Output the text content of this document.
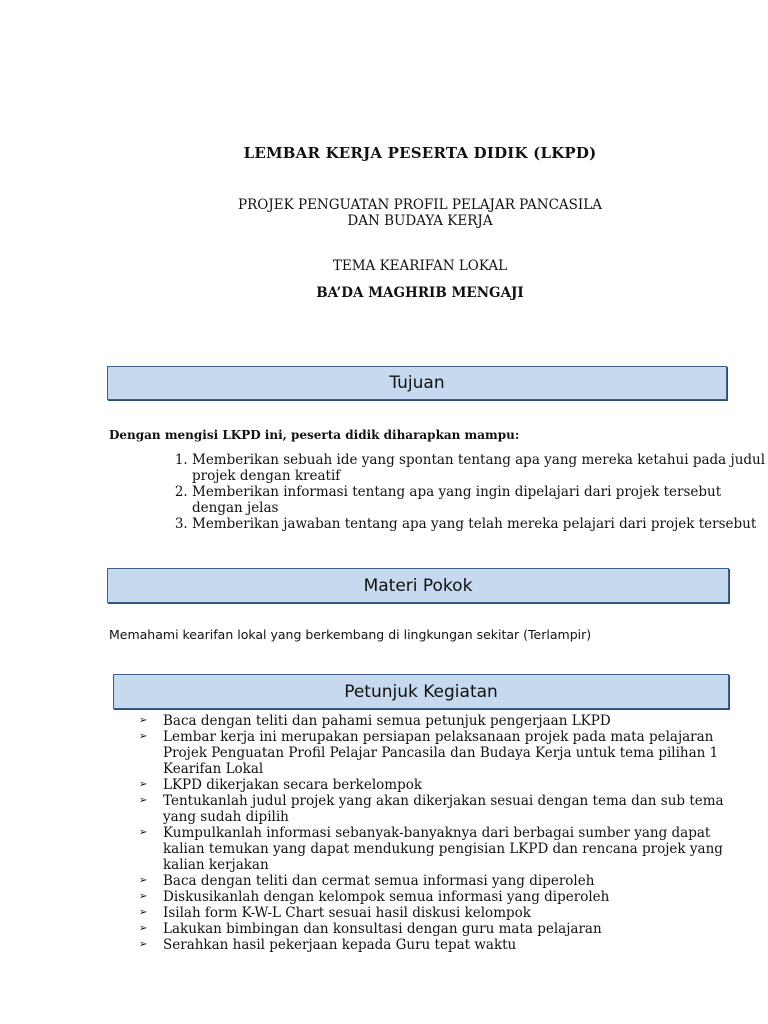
LEMBAR KERJA PESERTA DIDIK (LKPD)
PROJEK PENGUATAN PROFIL PELAJAR PANCASILA
DAN BUDAYA KERJA
TEMA KEARIFAN LOKAL
BA’DA MAGHRIB MENGAJI
Tujuan
Dengan mengisi LKPD ini, peserta didik diharapkan mampu:
1. Memberikan sebuah ide yang spontan tentang apa yang mereka ketahui pada judul projek dengan kreatif
2. Memberikan informasi tentang apa yang ingin dipelajari dari projek tersebut dengan jelas
3. Memberikan jawaban tentang apa yang telah mereka pelajari dari projek tersebut
Materi Pokok
Memahami kearifan lokal yang berkembang di lingkungan sekitar (Terlampir)
Petunjuk Kegiatan
➢ Baca dengan teliti dan pahami semua petunjuk pengerjaan LKPD
➢ Lembar kerja ini merupakan persiapan pelaksanaan projek pada mata pelajaran Projek Penguatan Profil Pelajar Pancasila dan Budaya Kerja untuk tema pilihan 1 Kearifan Lokal
➢ LKPD dikerjakan secara berkelompok
➢ Tentukanlah judul projek yang akan dikerjakan sesuai dengan tema dan sub tema yang sudah dipilih
➢ Kumpulkanlah informasi sebanyak-banyaknya dari berbagai sumber yang dapat kalian temukan yang dapat mendukung pengisian LKPD dan rencana projek yang kalian kerjakan
➢ Baca dengan teliti dan cermat semua informasi yang diperoleh
➢ Diskusikanlah dengan kelompok semua informasi yang diperoleh
➢ Isilah form K-W-L Chart sesuai hasil diskusi kelompok
➢ Lakukan bimbingan dan konsultasi dengan guru mata pelajaran
➢ Serahkan hasil pekerjaan kepada Guru tepat waktu
